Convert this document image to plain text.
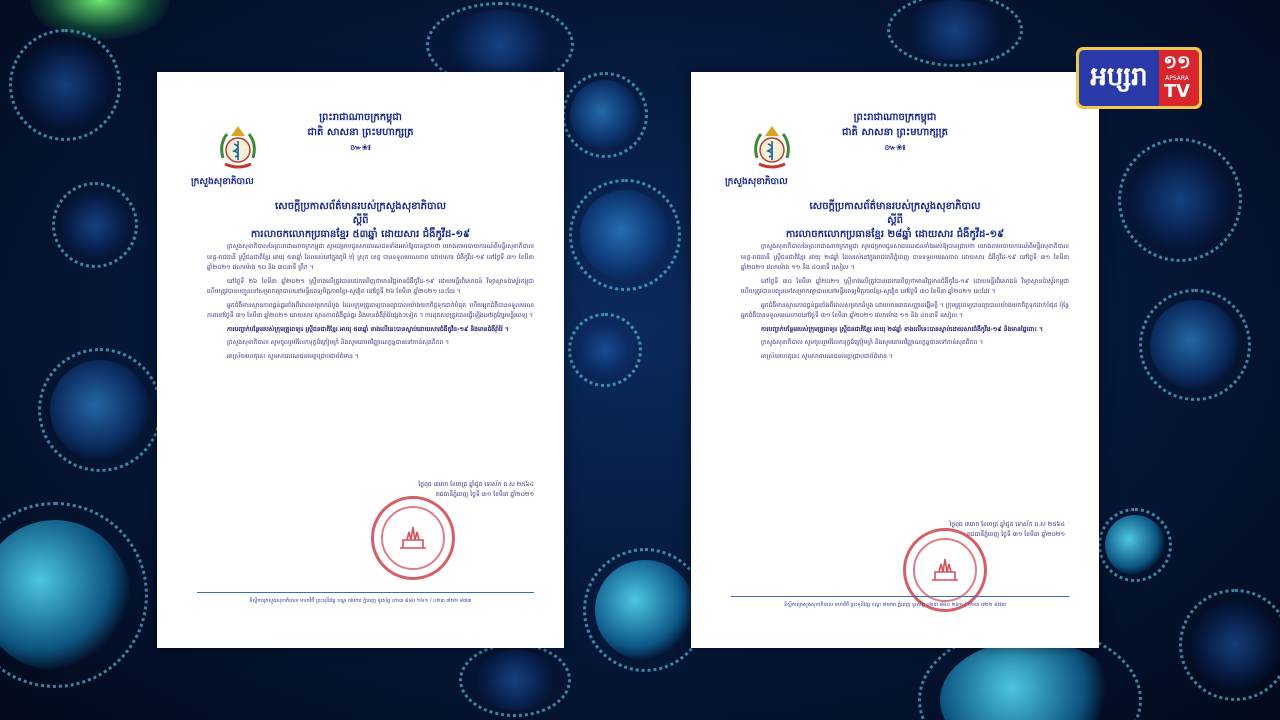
ក្រសួងសុខាភិបាល
ព្រះរាជាណាចក្រកម្ពុជា
ជាតិ សាសនា ព្រះមហាក្សត្រ
៚❀៛
សេចក្តីប្រកាសព័ត៌មានរបស់ក្រសួងសុខាភិបាល
ស្តីពី
ការលាចកលោកប្រធានខ្មែរ ៥៣ឆ្នាំ ដោយសារ ជំងឺកូវីដ-១៩

ក្រសួងសុខាភិបាលនៃព្រះរាជាណាចក្រកម្ពុជា សូមជម្រាបជូនសាធារណជនទាំងអស់ឱ្យបានជ្រាបថា យោងតាមរបាយការណ៍ពីមន្ទីរសុខាភិបាលខេត្ត-រាជធានី ស្ត្រីជនជាតិខ្មែរ អាយុ ៥៣ឆ្នាំ ដែលរស់នៅក្នុងភូមិ ឃុំ ស្រុក ខេត្ត បានទទួលមរណភាព ដោយសារ ជំងឺកូវីដ-១៩ នៅថ្ងៃទី ៣១ ខែមីនា ឆ្នាំ២០២១ វេលាម៉ោង ១០ និង ៣០នាទី ព្រឹក ។

នៅថ្ងៃទី ២៦ ខែមីនា ឆ្នាំ២០២១ ស្ត្រីខាងលើត្រូវបានគេរកឃើញថាមានវិជ្ជមានជំងឺកូវីដ-១៩ ដោយមន្ទីរពិសោធន៍ វិទ្យាស្ថានប៉ាស្ទ័រកម្ពុជា ហើយត្រូវបានបញ្ជូនទៅសម្រាកព្យាបាលនៅមន្ទីរពេទ្យមិត្តភាពខ្មែរ-សូវៀត នៅថ្ងៃទី ២៦ ខែមីនា ឆ្នាំ២០២១ នេះដែរ ។

អ្នកជំងឺមានស្ថានភាពធ្ងន់ធ្ងរតាំងពីពេលសម្រាកដំបូង ដែលក្រុមគ្រូពេទ្យបានព្យាបាលយ៉ាងយកចិត្តទុកដាក់បំផុត ហើយអ្នកជំងឺបានទទួលមរណភាពនៅថ្ងៃទី ៣១ ខែមីនា ឆ្នាំ២០២១ ដោយសារ ស្ថានភាពជំងឺធ្ងន់ធ្ងរ និងមានជំងឺរ៉ាំរ៉ៃផ្សេងៗទៀត ។ ការដុតសពត្រូវបានធ្វើឡើងនៅវត្តក្បែរមន្ទីរពេទ្យ ។

ការបញ្ជាក់បន្ថែមរបស់ក្រុមគ្រូពេទ្យ៖ ស្ត្រីជនជាតិខ្មែរ អាយុ ៥៣ឆ្នាំ ខាងលើនេះបានស្លាប់ដោយសារជំងឺកូវីដ-១៩ និងមានជំងឺរ៉ាំរ៉ៃ ។

ក្រសួងសុខាភិបាល សូមចូលរួមរំលែកទុក្ខដ៏ក្រៀមក្រំ និងសូមគោរពវិញ្ញាណក្ខន្ធបានទៅកាន់សុគតិភព ។

អាស្រ័យហេតុនេះ សូមសាធារណជនមេត្តាជ្រាបជាព័ត៌មាន ។

ថ្ងៃពុធ ៣រោច ខែចេត្រ ឆ្នាំជូត ទោស័ក ព.ស ២៥៦៤
រាជធានីភ្នំពេញ ថ្ងៃទី ៣១ ខែមីនា ឆ្នាំ២០២១
ទីស្តីការក្រសួងសុខាភិបាល មហាវិថី ព្រះមុនីវង្ស ខណ្ឌ ៧មករា ភ្នំពេញ ទូរស័ព្ទ ០២៣ ៨៨០ ២៦១ / ០២៣ ៧២២ ៨៧៣
ក្រសួងសុខាភិបាល
ព្រះរាជាណាចក្រកម្ពុជា
ជាតិ សាសនា ព្រះមហាក្សត្រ
៚❀៛
សេចក្តីប្រកាសព័ត៌មានរបស់ក្រសួងសុខាភិបាល
ស្តីពី
ការលាចកលោកប្រធានខ្មែរ ២៨ឆ្នាំ ដោយសារ ជំងឺកូវីដ-១៩

ក្រសួងសុខាភិបាលនៃព្រះរាជាណាចក្រកម្ពុជា សូមជម្រាបជូនសាធារណជនទាំងអស់ឱ្យបានជ្រាបថា យោងតាមរបាយការណ៍ពីមន្ទីរសុខាភិបាលខេត្ត-រាជធានី ស្ត្រីជនជាតិខ្មែរ អាយុ ២៨ឆ្នាំ ដែលរស់នៅក្នុងរាជធានីភ្នំពេញ បានទទួលមរណភាព ដោយសារ ជំងឺកូវីដ-១៩ នៅថ្ងៃទី ៣១ ខែមីនា ឆ្នាំ២០២១ វេលាម៉ោង ១១ និង ៤០នាទី រសៀល ។

នៅថ្ងៃទី ៣០ ខែមីនា ឆ្នាំ២០២១ ស្ត្រីខាងលើត្រូវបានគេរកឃើញថាមានវិជ្ជមានជំងឺកូវីដ-១៩ ដោយមន្ទីរពិសោធន៍ វិទ្យាស្ថានប៉ាស្ទ័រកម្ពុជា ហើយត្រូវបានបញ្ជូនទៅសម្រាកព្យាបាលនៅមន្ទីរពេទ្យមិត្តភាពខ្មែរ-សូវៀត នៅថ្ងៃទី ៣០ ខែមីនា ឆ្នាំ២០២១ នេះដែរ ។

អ្នកជំងឺមានស្ថានភាពធ្ងន់ធ្ងរតាំងពីពេលសម្រាកដំបូង ដោយមានរោគសញ្ញាដង្ហើមខ្លី ។ ក្រុមគ្រូពេទ្យបានព្យាបាលយ៉ាងយកចិត្តទុកដាក់បំផុត ប៉ុន្តែអ្នកជំងឺបានទទួលមរណភាពនៅថ្ងៃទី ៣១ ខែមីនា ឆ្នាំ២០២១ វេលាម៉ោង ១១ និង ៤០នាទី រសៀល ។

ការបញ្ជាក់បន្ថែមរបស់ក្រុមគ្រូពេទ្យ៖ ស្ត្រីជនជាតិខ្មែរ អាយុ ២៨ឆ្នាំ ខាងលើនេះបានស្លាប់ដោយសារជំងឺកូវីដ-១៩ និងមានផ្ទៃពោះ ។

ក្រសួងសុខាភិបាល សូមចូលរួមរំលែកទុក្ខដ៏ក្រៀមក្រំ និងសូមគោរពវិញ្ញាណក្ខន្ធបានទៅកាន់សុគតិភព ។

អាស្រ័យហេតុនេះ សូមសាធារណជនមេត្តាជ្រាបជាព័ត៌មាន ។

ថ្ងៃពុធ ៣រោច ខែចេត្រ ឆ្នាំជូត ទោស័ក ព.ស ២៥៦៤
រាជធានីភ្នំពេញ ថ្ងៃទី ៣១ ខែមីនា ឆ្នាំ២០២១
ទីស្តីការក្រសួងសុខាភិបាល មហាវិថី ព្រះមុនីវង្ស ខណ្ឌ ៧មករា ភ្នំពេញ ទូរស័ព្ទ ០២៣ ៨៨០ ២៦១ / ០២៣ ៧២២ ៨៧៣
អប្សរា ១១
APSARA
TV
